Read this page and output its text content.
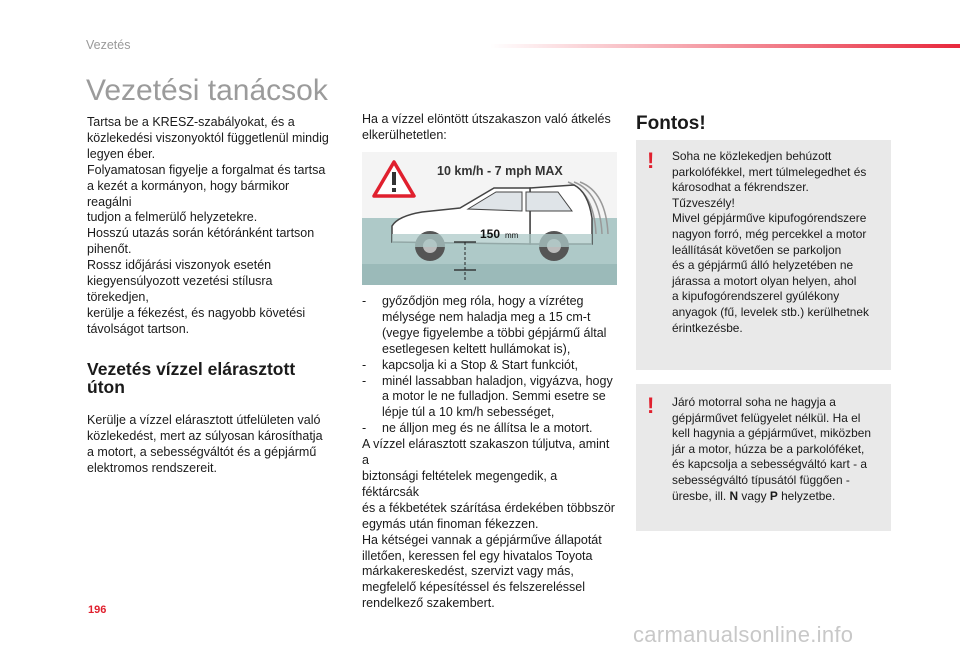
Vezetés
Vezetési tanácsok

Tartsa be a KRESZ-szabályokat, és a

közlekedési viszonyoktól függetlenül mindig

legyen éber.

Folyamatosan figyelje a forgalmat és tartsa

a kezét a kormányon, hogy bármikor reagálni

tudjon a felmerülő helyzetekre.

Hosszú utazás során kétóránként tartson

pihenőt.

Rossz időjárási viszonyok esetén

kiegyensúlyozott vezetési stílusra törekedjen,

kerülje a fékezést, és nagyobb követési

távolságot tartson.

Vezetés vízzel elárasztott úton

Kerülje a vízzel elárasztott útfelületen való

közlekedést, mert az súlyosan károsíthatja

a motort, a sebességváltót és a gépjármű

elektromos rendszereit.

Ha a vízzel elöntött útszakaszon való átkelés

elkerülhetetlen:

10 km/h - 7 mph MAX
150 mm
- győződjön meg róla, hogy a vízréteg

mélysége nem haladja meg a 15 cm-t

(vegye figyelembe a többi gépjármű által

esetlegesen keltett hullámokat is),

- kapcsolja ki a Stop & Start funkciót,

- minél lassabban haladjon, vigyázva, hogy

a motor le ne fulladjon. Semmi esetre se

lépje túl a 10 km/h sebességet,

- ne álljon meg és ne állítsa le a motort.

A vízzel elárasztott szakaszon túljutva, amint a

biztonsági feltételek megengedik, a féktárcsák

és a fékbetétek szárítása érdekében többször

egymás után finoman fékezzen.

Ha kétségei vannak a gépjárműve állapotát

illetően, keressen fel egy hivatalos Toyota

márkakereskedést, szervizt vagy más,

megfelelő képesítéssel és felszereléssel

rendelkező szakembert.

Fontos!
! Soha ne közlekedjen behúzott

parkolófékkel, mert túlmelegedhet és

károsodhat a fékrendszer.

Tűzveszély!

Mivel gépjárműve kipufogórendszere

nagyon forró, még percekkel a motor

leállítását követően se parkoljon

és a gépjármű álló helyzetében ne

járassa a motort olyan helyen, ahol

a kipufogórendszerel gyúlékony

anyagok (fű, levelek stb.) kerülhetnek

érintkezésbe.

! Járó motorral soha ne hagyja a

gépjárművet felügyelet nélkül. Ha el

kell hagynia a gépjárművet, miközben

jár a motor, húzza be a parkolóféket,

és kapcsolja a sebességváltó kart - a

sebességváltó típusától függően -

üresbe, ill. N vagy P helyzetbe.

196
carmanualsonline.info
